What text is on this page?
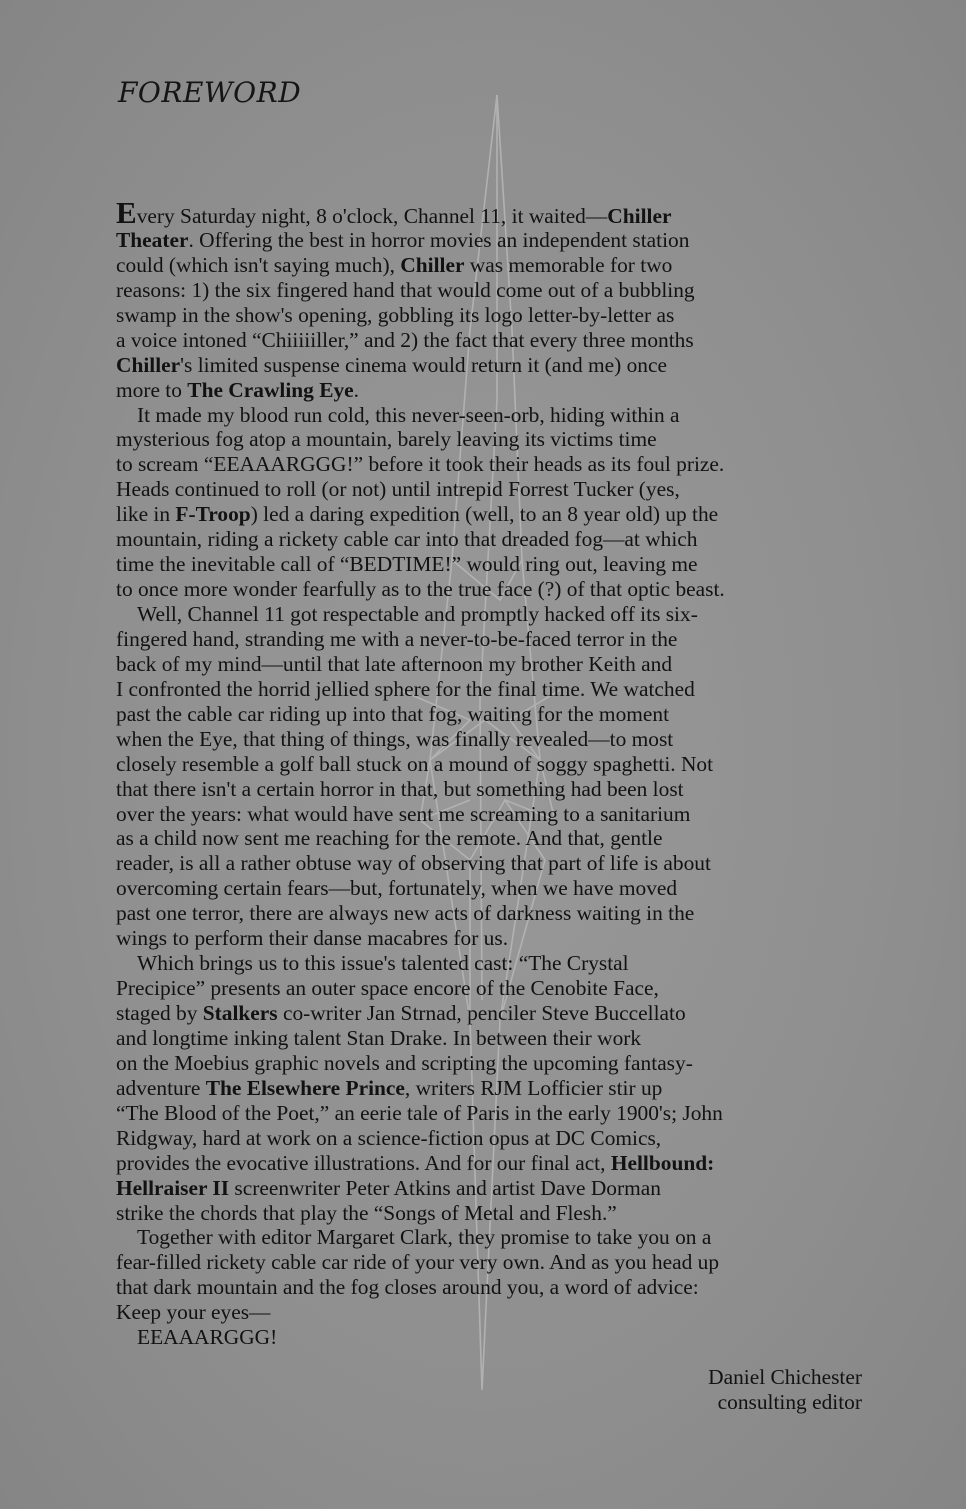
FOREWORD
Every Saturday night, 8 o'clock, Channel 11, it waited—Chiller
Theater. Offering the best in horror movies an independent station
could (which isn't saying much), Chiller was memorable for two
reasons: 1) the six fingered hand that would come out of a bubbling
swamp in the show's opening, gobbling its logo letter-by-letter as
a voice intoned “Chiiiiiller,” and 2) the fact that every three months
Chiller's limited suspense cinema would return it (and me) once
more to The Crawling Eye.
It made my blood run cold, this never-seen-orb, hiding within a
mysterious fog atop a mountain, barely leaving its victims time
to scream “EEAAARGGG!” before it took their heads as its foul prize.
Heads continued to roll (or not) until intrepid Forrest Tucker (yes,
like in F-Troop) led a daring expedition (well, to an 8 year old) up the
mountain, riding a rickety cable car into that dreaded fog—at which
time the inevitable call of “BEDTIME!” would ring out, leaving me
to once more wonder fearfully as to the true face (?) of that optic beast.
Well, Channel 11 got respectable and promptly hacked off its six-
fingered hand, stranding me with a never-to-be-faced terror in the
back of my mind—until that late afternoon my brother Keith and
I confronted the horrid jellied sphere for the final time. We watched
past the cable car riding up into that fog, waiting for the moment
when the Eye, that thing of things, was finally revealed—to most
closely resemble a golf ball stuck on a mound of soggy spaghetti. Not
that there isn't a certain horror in that, but something had been lost
over the years: what would have sent me screaming to a sanitarium
as a child now sent me reaching for the remote. And that, gentle
reader, is all a rather obtuse way of observing that part of life is about
overcoming certain fears—but, fortunately, when we have moved
past one terror, there are always new acts of darkness waiting in the
wings to perform their danse macabres for us.
Which brings us to this issue's talented cast: “The Crystal
Precipice” presents an outer space encore of the Cenobite Face,
staged by Stalkers co-writer Jan Strnad, penciler Steve Buccellato
and longtime inking talent Stan Drake. In between their work
on the Moebius graphic novels and scripting the upcoming fantasy-
adventure The Elsewhere Prince, writers RJM Lofficier stir up
“The Blood of the Poet,” an eerie tale of Paris in the early 1900's; John
Ridgway, hard at work on a science-fiction opus at DC Comics,
provides the evocative illustrations. And for our final act, Hellbound:
Hellraiser II screenwriter Peter Atkins and artist Dave Dorman
strike the chords that play the “Songs of Metal and Flesh.”
Together with editor Margaret Clark, they promise to take you on a
fear-filled rickety cable car ride of your very own. And as you head up
that dark mountain and the fog closes around you, a word of advice:
Keep your eyes—
EEAAARGGG!
Daniel Chichester
consulting editor
